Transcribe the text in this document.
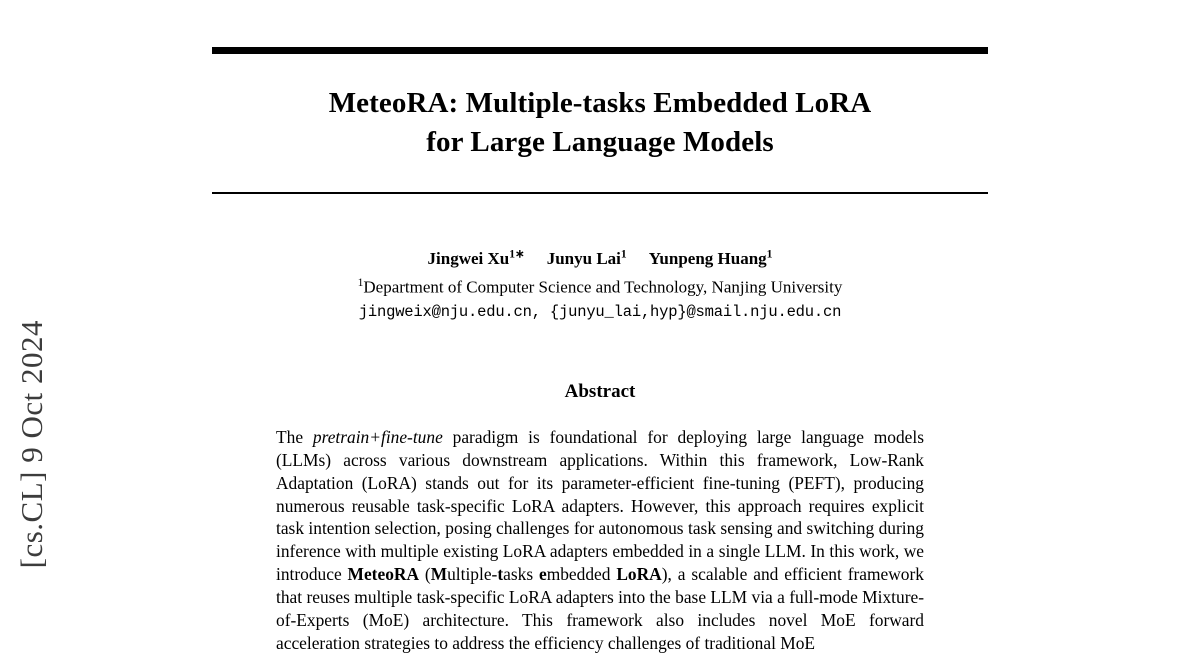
[cs.CL] 9 Oct 2024
MeteoRA: Multiple-tasks Embedded LoRA
for Large Language Models
Jingwei $Xu^{1∗}$ Junyu Lai$^1$ Yunpeng Huang$^1$
$^1$Department of Computer Science and Technology, Nanjing University
jingweix@nju.edu.cn, {junyu_lai,hyp}@smail.nju.edu.cn
Abstract

The pretrain+fine-tune paradigm is foundational for deploying large language models (LLMs) across various downstream applications. Within this framework, Low-Rank Adaptation (LoRA) stands out for its parameter-efficient fine-tuning (PEFT), producing numerous reusable task-specific LoRA adapters. However, this approach requires explicit task intention selection, posing challenges for autonomous task sensing and switching during inference with multiple existing LoRA adapters embedded in a single LLM. In this work, we introduce MeteoRA (Multiple-tasks embedded LoRA), a scalable and efficient framework that reuses multiple task-specific LoRA adapters into the base LLM via a full-mode Mixture-of-Experts (MoE) architecture. This framework also includes novel MoE forward acceleration strategies to address the efficiency challenges of traditional MoE
